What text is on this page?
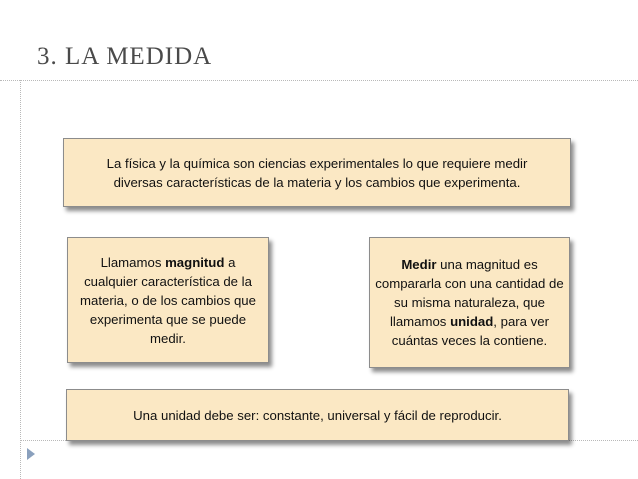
3. LA MEDIDA
La física y la química son ciencias experimentales lo que requiere medir
diversas características de la materia y los cambios que experimenta.
Llamamos magnitud a cualquier característica de la materia, o de los cambios que experimenta que se puede medir.
Medir una magnitud es compararla con una cantidad de su misma naturaleza, que llamamos unidad, para ver cuántas veces la contiene.
Una unidad debe ser: constante, universal y fácil de reproducir.
